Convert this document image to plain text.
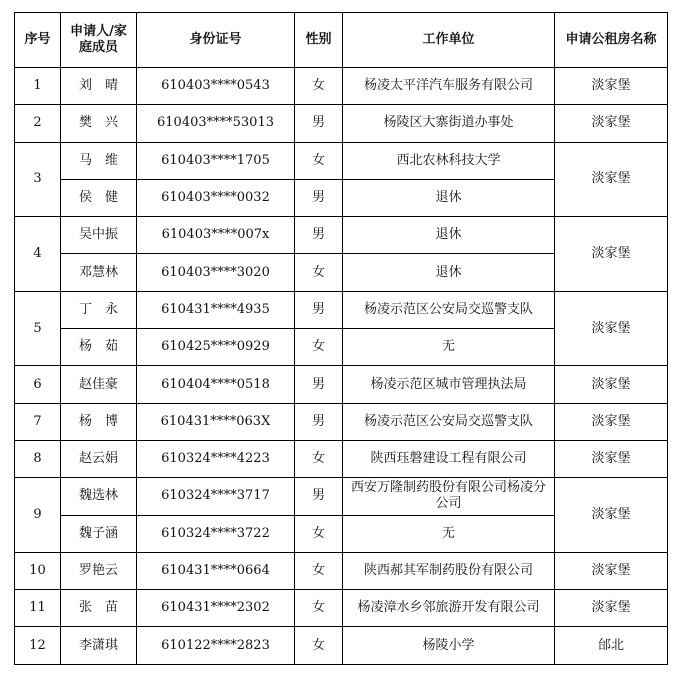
序号	申请人/家庭成员	身份证号	性别	工作单位	申请公租房名称
1	刘　晴	610403****0543	女	杨凌太平洋汽车服务有限公司	淡家堡
2	樊　兴	610403****53013	男	杨陵区大寨街道办事处	淡家堡
3	马　维	610403****1705	女	西北农林科技大学	淡家堡
	侯　健	610403****0032	男	退休	
4	吴中振	610403****007x	男	退休	淡家堡
	邓慧林	610403****3020	女	退休	
5	丁　永	610431****4935	男	杨凌示范区公安局交巡警支队	淡家堡
	杨　茹	610425****0929	女	无	
6	赵佳豪	610404****0518	男	杨凌示范区城市管理执法局	淡家堡
7	杨　博	610431****063X	男	杨凌示范区公安局交巡警支队	淡家堡
8	赵云娟	610324****4223	女	陕西珏磐建设工程有限公司	淡家堡
9	魏选林	610324****3717	男	西安万隆制药股份有限公司杨凌分公司	淡家堡
	魏子涵	610324****3722	女	无	
10	罗艳云	610431****0664	女	陕西郝其军制药股份有限公司	淡家堡
11	张　苗	610431****2302	女	杨凌漳水乡邻旅游开发有限公司	淡家堡
12	李潇琪	610122****2823	女	杨陵小学	邰北
